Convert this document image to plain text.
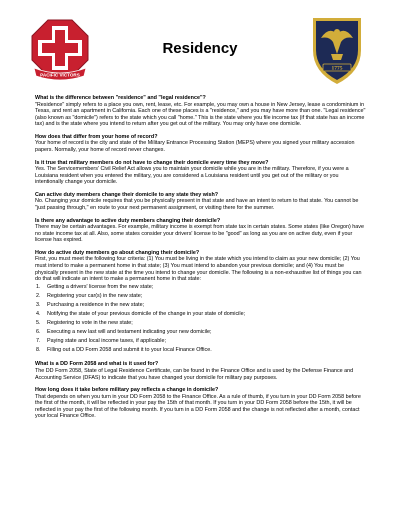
PACIFIC VICTORS
Residency
1775
What is the difference between "residence" and "legal residence"?
"Residence" simply refers to a place you own, rent, lease, etc. For example, you may own a house in New Jersey, lease a condominium in Texas, and rent an apartment in California. Each one of these places is a "residence," and you may have more than one. "Legal residence" (also known as "domicile") refers to the state which you call "home." This is the state where you file income tax (if that state has an income tax) and is the state where you intend to return after you get out of the military. You may only have one domicile.
How does that differ from your home of record?
Your home of record is the city and state of the Military Entrance Processing Station (MEPS) where you signed your military accession papers. Normally, your home of record never changes.
Is it true that military members do not have to change their domicile every time they move?
Yes. The Servicemembers' Civil Relief Act allows you to maintain your domicile while you are in the military. Therefore, if you were a Louisiana resident when you entered the military, you are considered a Louisiana resident until you get out of the military or you intentionally change your domicile.
Can active duty members change their domicile to any state they wish?
No. Changing your domicile requires that you be physically present in that state and have an intent to return to that state. You cannot be "just passing through," en route to your next permanent assignment, or visiting there for the summer.
Is there any advantage to active duty members changing their domicile?
There may be certain advantages. For example, military income is exempt from state tax in certain states. Some states (like Oregon) have no state income tax at all. Also, some states consider your drivers' license to be "good" as long as you are on active duty, even if your license has expired.
How do active duty members go about changing their domicile?
First, you must meet the following four criteria: (1) You must be living in the state which you intend to claim as your new domicile; (2) You must intend to make a permanent home in that state; (3) You must intend to abandon your previous domicile; and (4) You must be physically present in the new state at the time you intend to change your domicile. The following is a non-exhaustive list of things you can do that will indicate an intent to make a permanent home in that state:
1.	Getting a drivers' license from the new state;
2.	Registering your car(s) in the new state;
3.	Purchasing a residence in the new state;
4.	Notifying the state of your previous domicile of the change in your state of domicile;
5.	Registering to vote in the new state;
6.	Executing a new last will and testament indicating your new domicile;
7.	Paying state and local income taxes, if applicable;
8.	Filling out a DD Form 2058 and submit it to your local Finance Office.
What is a DD Form 2058 and what is it used for?
The DD Form 2058, State of Legal Residence Certificate, can be found in the Finance Office and is used by the Defense Finance and Accounting Service (DFAS) to indicate that you have changed your domicile for military pay purposes.
How long does it take before military pay reflects a change in domicile?
That depends on when you turn in your DD Form 2058 to the Finance Office. As a rule of thumb, if you turn in your DD Form 2058 before the first of the month, it will be reflected in your pay the 15th of that month. If you turn in your DD Form 2058 before the 15th, it will be reflected in your pay the first of the following month. If you turn in a DD Form 2058 and the change is not reflected after a month, contact your local Finance Office.
